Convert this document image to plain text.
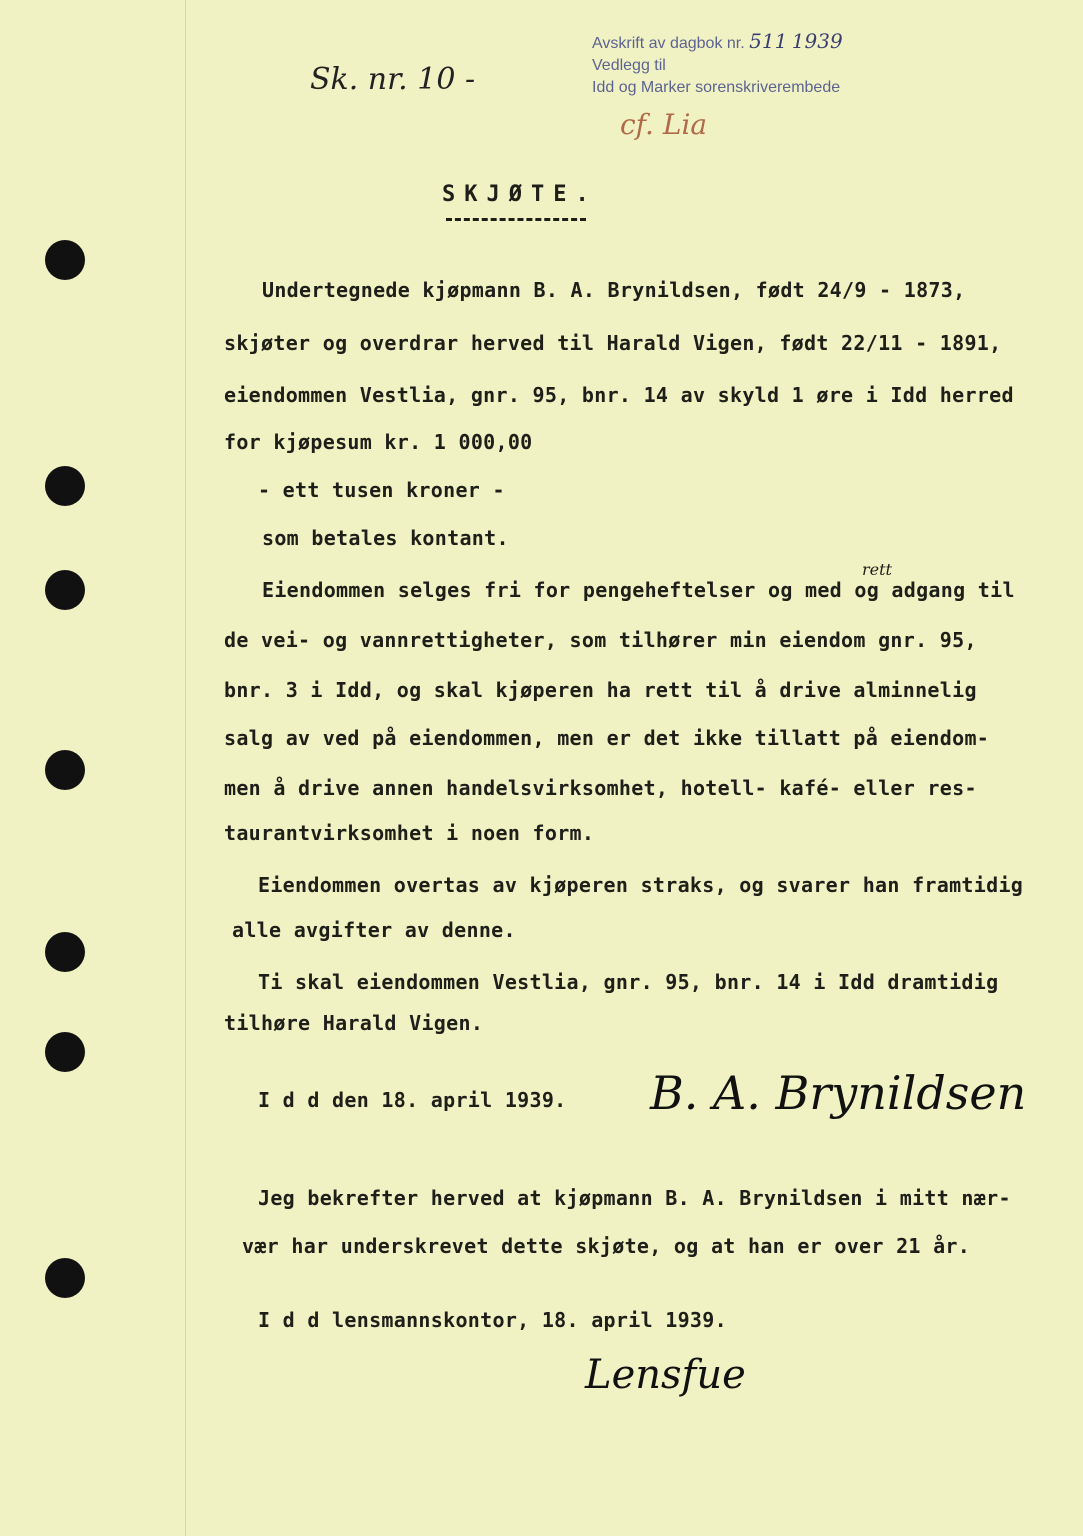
Avskrift av dagbok nr. 511 1939
Vedlegg til
Idd og Marker sorenskriverembede
Sk. nr. 10 -
cf. Lia
SKJØTE.
Undertegnede kjøpmann B. A. Brynildsen, født 24/9 - 1873,
skjøter og overdrar herved til Harald Vigen, født 22/11 - 1891,
eiendommen Vestlia, gnr. 95, bnr. 14 av skyld 1 øre i Idd herred
for kjøpesum kr. 1 000,00
- ett tusen kroner -
som betales kontant.
Eiendommen selges fri for pengeheftelser og med og adgang til
de vei- og vannrettigheter, som tilhører min eiendom gnr. 95,
bnr. 3 i Idd, og skal kjøperen ha rett til å drive alminnelig
salg av ved på eiendommen, men er det ikke tillatt på eiendom-
men å drive annen handelsvirksomhet, hotell- kafé- eller res-
taurantvirksomhet i noen form.
Eiendommen overtas av kjøperen straks, og svarer han framtidig
alle avgifter av denne.
Ti skal eiendommen Vestlia, gnr. 95, bnr. 14 i Idd dramtidig
tilhøre Harald Vigen.
I d d den 18. april 1939.
Jeg bekrefter herved at kjøpmann B. A. Brynildsen i mitt nær-
vær har underskrevet dette skjøte, og at han er over 21 år.
I d d lensmannskontor, 18. april 1939.
rett
B. A. Brynildsen
Lensfue
